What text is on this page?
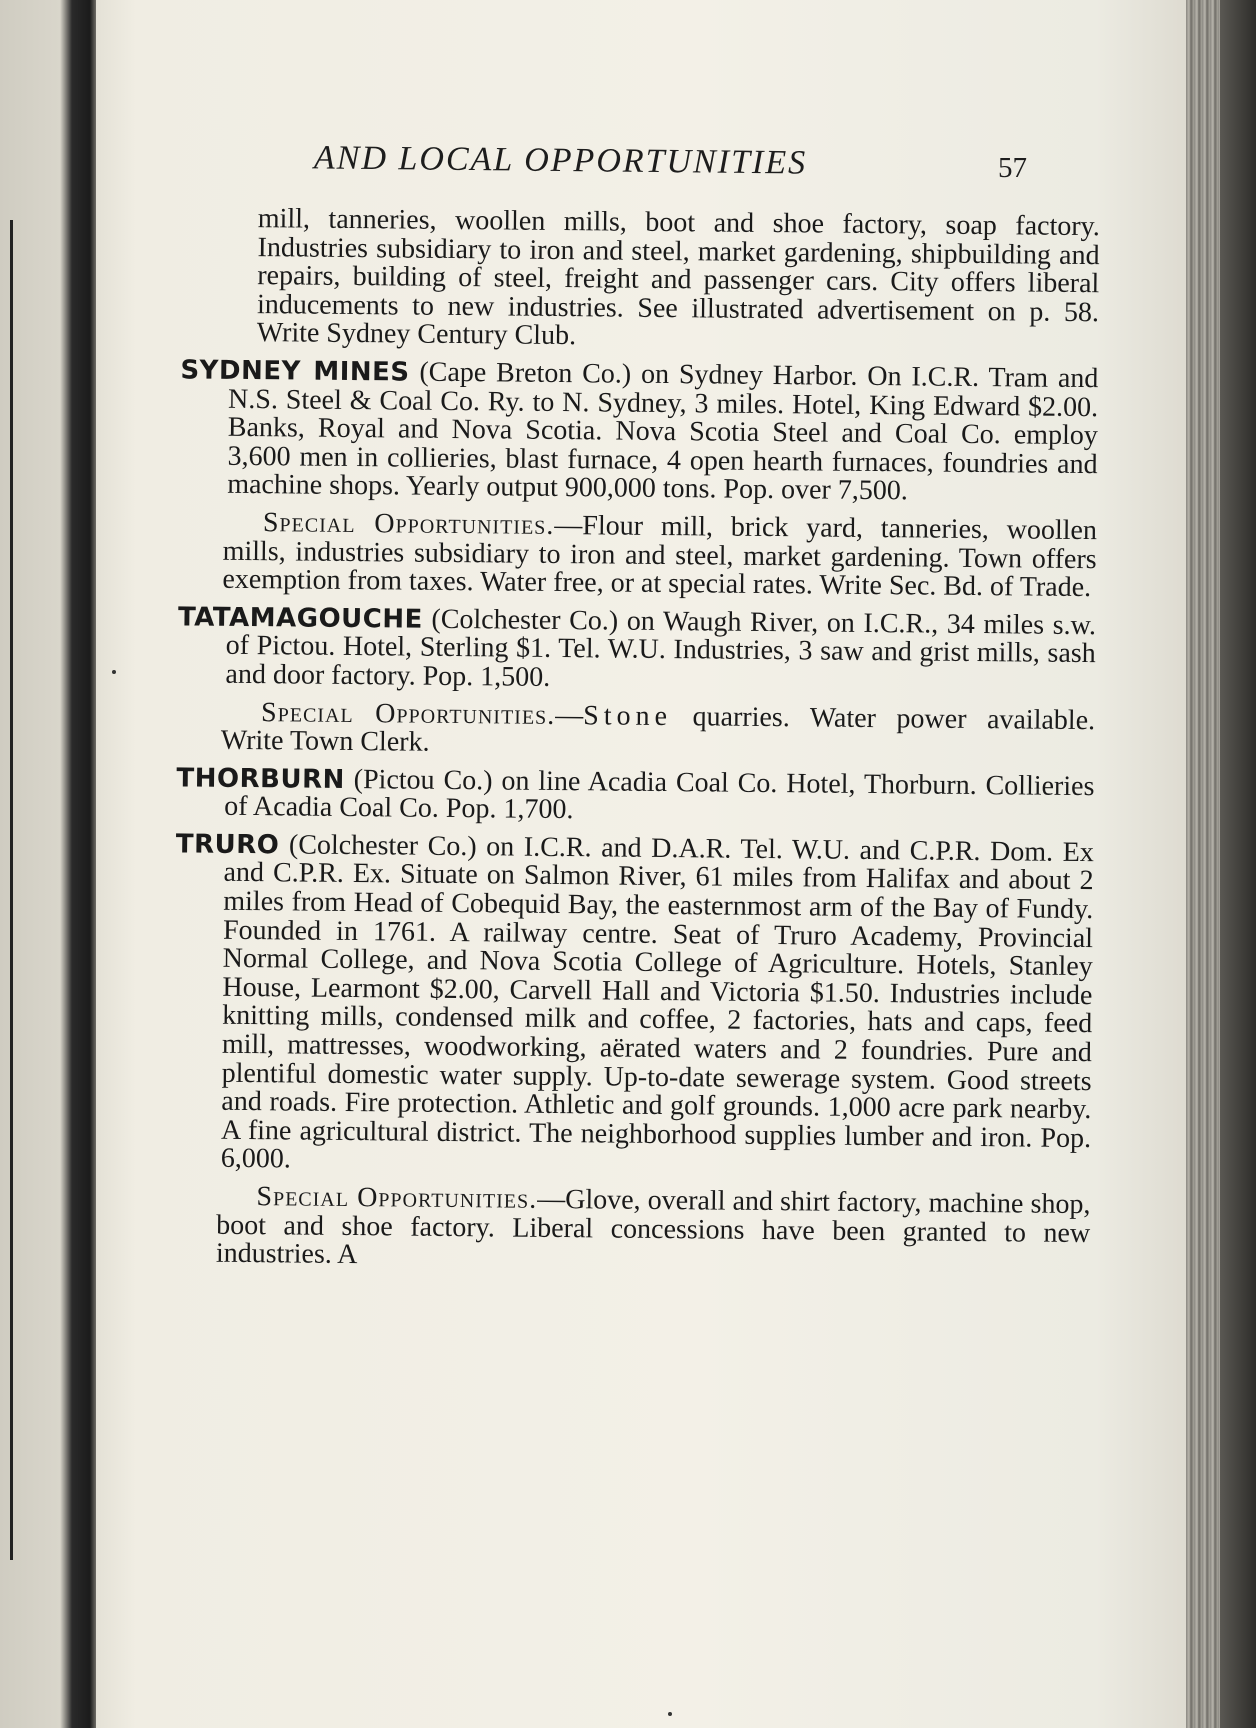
AND LOCAL OPPORTUNITIES	57

mill, tanneries, woollen mills, boot and shoe factory, soap factory. Industries subsidiary to iron and steel, market gardening, shipbuilding and repairs, building of steel, freight and passenger cars. City offers liberal inducements to new industries. See illustrated advertisement on p. 58. Write Sydney Century Club.

SYDNEY MINES (Cape Breton Co.) on Sydney Harbor. On I.C.R. Tram and N.S. Steel & Coal Co. Ry. to N. Sydney, 3 miles. Hotel, King Edward $2.00. Banks, Royal and Nova Scotia. Nova Scotia Steel and Coal Co. employ 3,600 men in collieries, blast furnace, 4 open hearth furnaces, foundries and machine shops. Yearly output 900,000 tons. Pop. over 7,500.

Special Opportunities.—Flour mill, brick yard, tanneries, woollen mills, industries subsidiary to iron and steel, market gardening. Town offers exemption from taxes. Water free, or at special rates. Write Sec. Bd. of Trade.

TATAMAGOUCHE (Colchester Co.) on Waugh River, on I.C.R., 34 miles s.w. of Pictou. Hotel, Sterling $1. Tel. W.U. Industries, 3 saw and grist mills, sash and door factory. Pop. 1,500.

Special Opportunities.—Stone quarries. Water power available. Write Town Clerk.

THORBURN (Pictou Co.) on line Acadia Coal Co. Hotel, Thorburn. Collieries of Acadia Coal Co. Pop. 1,700.

TRURO (Colchester Co.) on I.C.R. and D.A.R. Tel. W.U. and C.P.R. Dom. Ex and C.P.R. Ex. Situate on Salmon River, 61 miles from Halifax and about 2 miles from Head of Cobequid Bay, the easternmost arm of the Bay of Fundy. Founded in 1761. A railway centre. Seat of Truro Academy, Provincial Normal College, and Nova Scotia College of Agriculture. Hotels, Stanley House, Learmont $2.00, Carvell Hall and Victoria $1.50. Industries include knitting mills, condensed milk and coffee, 2 factories, hats and caps, feed mill, mattresses, woodworking, aërated waters and 2 foundries. Pure and plentiful domestic water supply. Up-to-date sewerage system. Good streets and roads. Fire protection. Athletic and golf grounds. 1,000 acre park nearby. A fine agricultural district. The neighborhood supplies lumber and iron. Pop. 6,000.

Special Opportunities.—Glove, overall and shirt factory, machine shop, boot and shoe factory. Liberal concessions have been granted to new industries. A
